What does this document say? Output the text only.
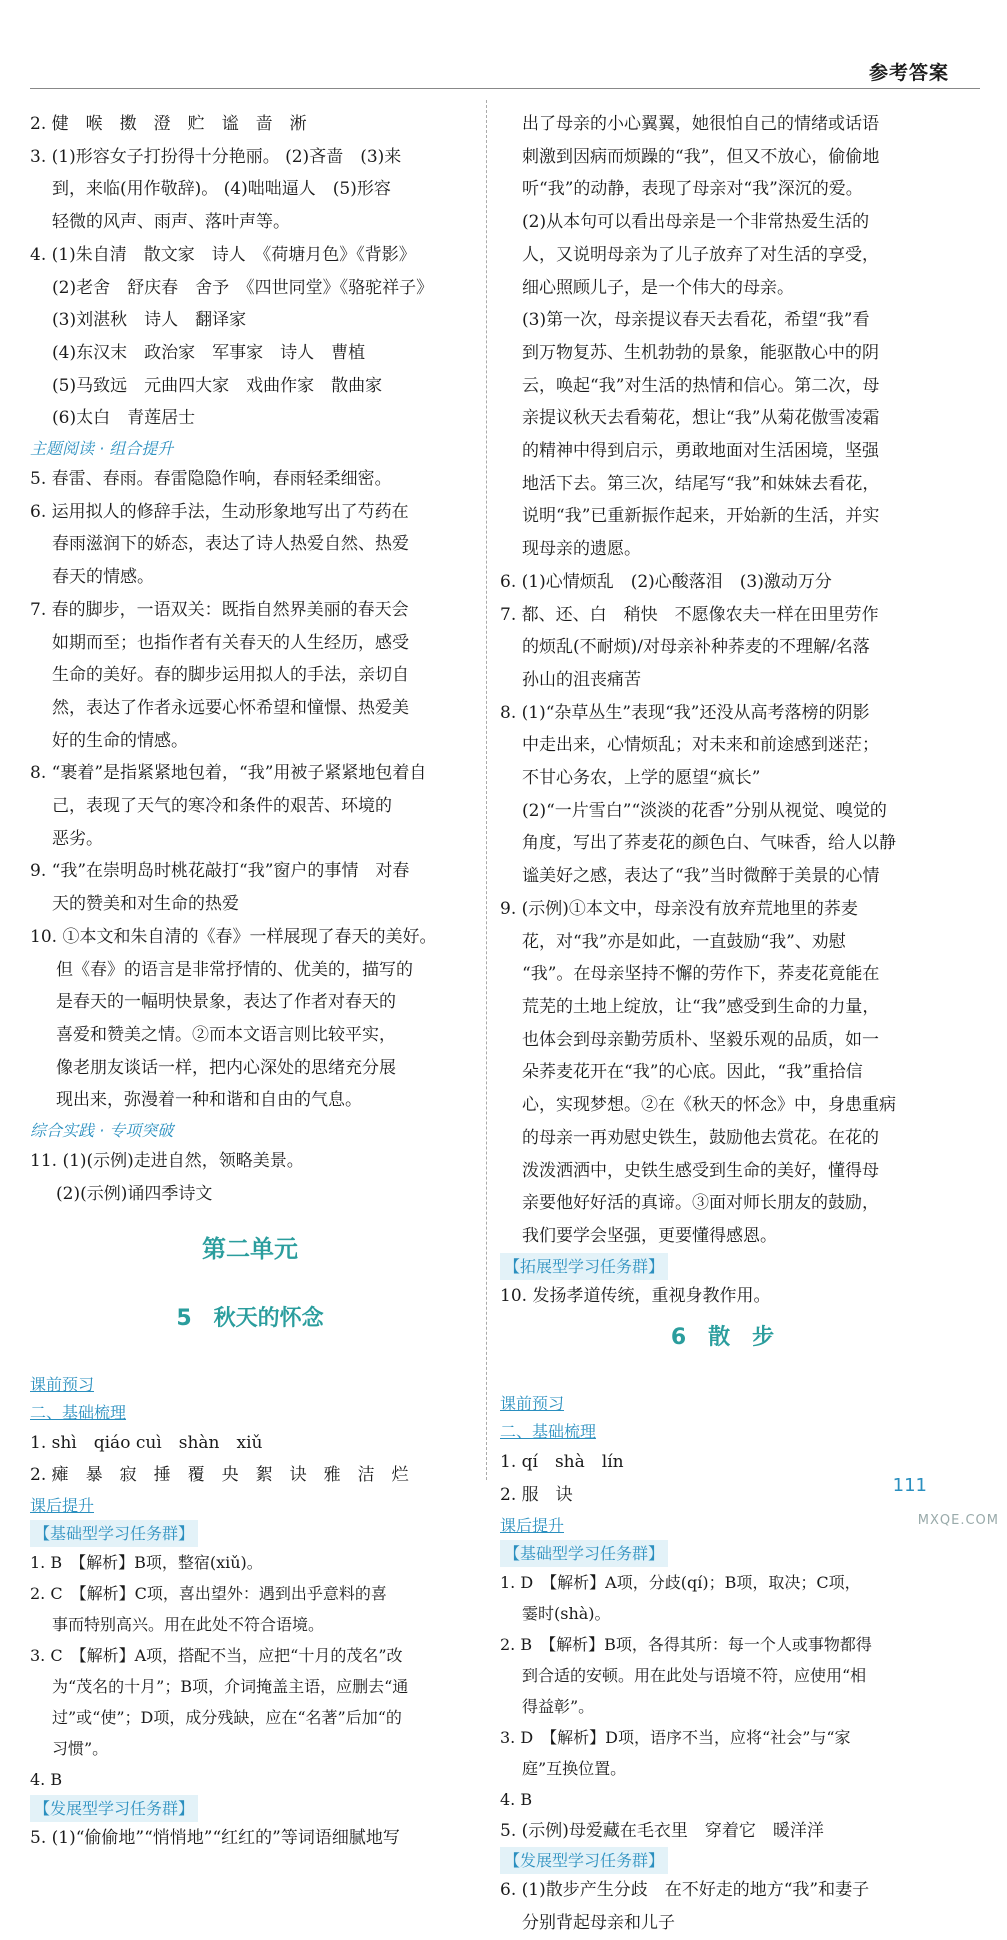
参考答案
2. 健　喉　擞　澄　贮　谧　啬　淅
3. (1)形容女子打扮得十分艳丽。 (2)吝啬　(3)来
到，来临(用作敬辞)。 (4)咄咄逼人　(5)形容
轻微的风声、雨声、落叶声等。
4. (1)朱自清　散文家　诗人　《荷塘月色》《背影》
(2)老舍　舒庆春　舍予　《四世同堂》《骆驼祥子》
(3)刘湛秋　诗人　翻译家
(4)东汉末　政治家　军事家　诗人　曹植
(5)马致远　元曲四大家　戏曲作家　散曲家
(6)太白　青莲居士
主题阅读 · 组合提升
5. 春雷、春雨。春雷隐隐作响，春雨轻柔细密。
6. 运用拟人的修辞手法，生动形象地写出了芍药在
春雨滋润下的娇态，表达了诗人热爱自然、热爱
春天的情感。
7. 春的脚步，一语双关：既指自然界美丽的春天会
如期而至；也指作者有关春天的人生经历，感受
生命的美好。春的脚步运用拟人的手法，亲切自
然，表达了作者永远要心怀希望和憧憬、热爱美
好的生命的情感。
8. “裹着”是指紧紧地包着，“我”用被子紧紧地包着自
己，表现了天气的寒冷和条件的艰苦、环境的
恶劣。
9. “我”在崇明岛时桃花敲打“我”窗户的事情　对春
天的赞美和对生命的热爱
10. ①本文和朱自清的《春》一样展现了春天的美好。
但《春》的语言是非常抒情的、优美的，描写的
是春天的一幅明快景象，表达了作者对春天的
喜爱和赞美之情。②而本文语言则比较平实，
像老朋友谈话一样，把内心深处的思绪充分展
现出来，弥漫着一种和谐和自由的气息。
综合实践 · 专项突破
11. (1)(示例)走进自然，领略美景。
(2)(示例)诵四季诗文
第二单元
5　秋天的怀念
课前预习
二、基础梳理
1. shì　qiáo cuì　shàn　xiǔ
2. 瘫　暴　寂　捶　覆　央　絮　诀　雅　洁　烂
课后提升
【基础型学习任务群】
1. B　【解析】B项，整宿(xiǔ)。
2. C　【解析】C项，喜出望外：遇到出乎意料的喜
事而特别高兴。用在此处不符合语境。
3. C　【解析】A项，搭配不当，应把“十月的茂名”改
为“茂名的十月”；B项，介词掩盖主语，应删去“通
过”或“使”；D项，成分残缺，应在“名著”后加“的
习惯”。
4. B
【发展型学习任务群】
5. (1)“偷偷地”“悄悄地”“红红的”等词语细腻地写
出了母亲的小心翼翼，她很怕自己的情绪或话语
刺激到因病而烦躁的“我”，但又不放心，偷偷地
听“我”的动静，表现了母亲对“我”深沉的爱。
(2)从本句可以看出母亲是一个非常热爱生活的
人，又说明母亲为了儿子放弃了对生活的享受，
细心照顾儿子，是一个伟大的母亲。
(3)第一次，母亲提议春天去看花，希望“我”看
到万物复苏、生机勃勃的景象，能驱散心中的阴
云，唤起“我”对生活的热情和信心。第二次，母
亲提议秋天去看菊花，想让“我”从菊花傲雪凌霜
的精神中得到启示，勇敢地面对生活困境，坚强
地活下去。第三次，结尾写“我”和妹妹去看花，
说明“我”已重新振作起来，开始新的生活，并实
现母亲的遗愿。
6. (1)心情烦乱　(2)心酸落泪　(3)激动万分
7. 都、还、白　稍快　不愿像农夫一样在田里劳作
的烦乱(不耐烦)/对母亲补种荞麦的不理解/名落
孙山的沮丧痛苦
8. (1)“杂草丛生”表现“我”还没从高考落榜的阴影
中走出来，心情烦乱；对未来和前途感到迷茫；
不甘心务农，上学的愿望“疯长”
(2)“一片雪白”“淡淡的花香”分别从视觉、嗅觉的
角度，写出了荞麦花的颜色白、气味香，给人以静
谧美好之感，表达了“我”当时微醉于美景的心情
9. (示例)①本文中，母亲没有放弃荒地里的荞麦
花，对“我”亦是如此，一直鼓励“我”、劝慰
“我”。在母亲坚持不懈的劳作下，荞麦花竟能在
荒芜的土地上绽放，让“我”感受到生命的力量，
也体会到母亲勤劳质朴、坚毅乐观的品质，如一
朵荞麦花开在“我”的心底。因此，“我”重拾信
心，实现梦想。②在《秋天的怀念》中，身患重病
的母亲一再劝慰史铁生，鼓励他去赏花。在花的
泼泼洒洒中，史铁生感受到生命的美好，懂得母
亲要他好好活的真谛。③面对师长朋友的鼓励，
我们要学会坚强，更要懂得感恩。
【拓展型学习任务群】
10. 发扬孝道传统，重视身教作用。
6　散　步
课前预习
二、基础梳理
1. qí　shà　lín
2. 服　诀
课后提升
【基础型学习任务群】
1. D　【解析】A项，分歧(qí)；B项，取决；C项，
霎时(shà)。
2. B　【解析】B项，各得其所：每一个人或事物都得
到合适的安顿。用在此处与语境不符，应使用“相
得益彰”。
3. D　【解析】D项，语序不当，应将“社会”与“家
庭”互换位置。
4. B
5. (示例)母爱藏在毛衣里　穿着它　暖洋洋
【发展型学习任务群】
6. (1)散步产生分歧　在不好走的地方“我”和妻子
分别背起母亲和儿子
111
MXQE.COM
